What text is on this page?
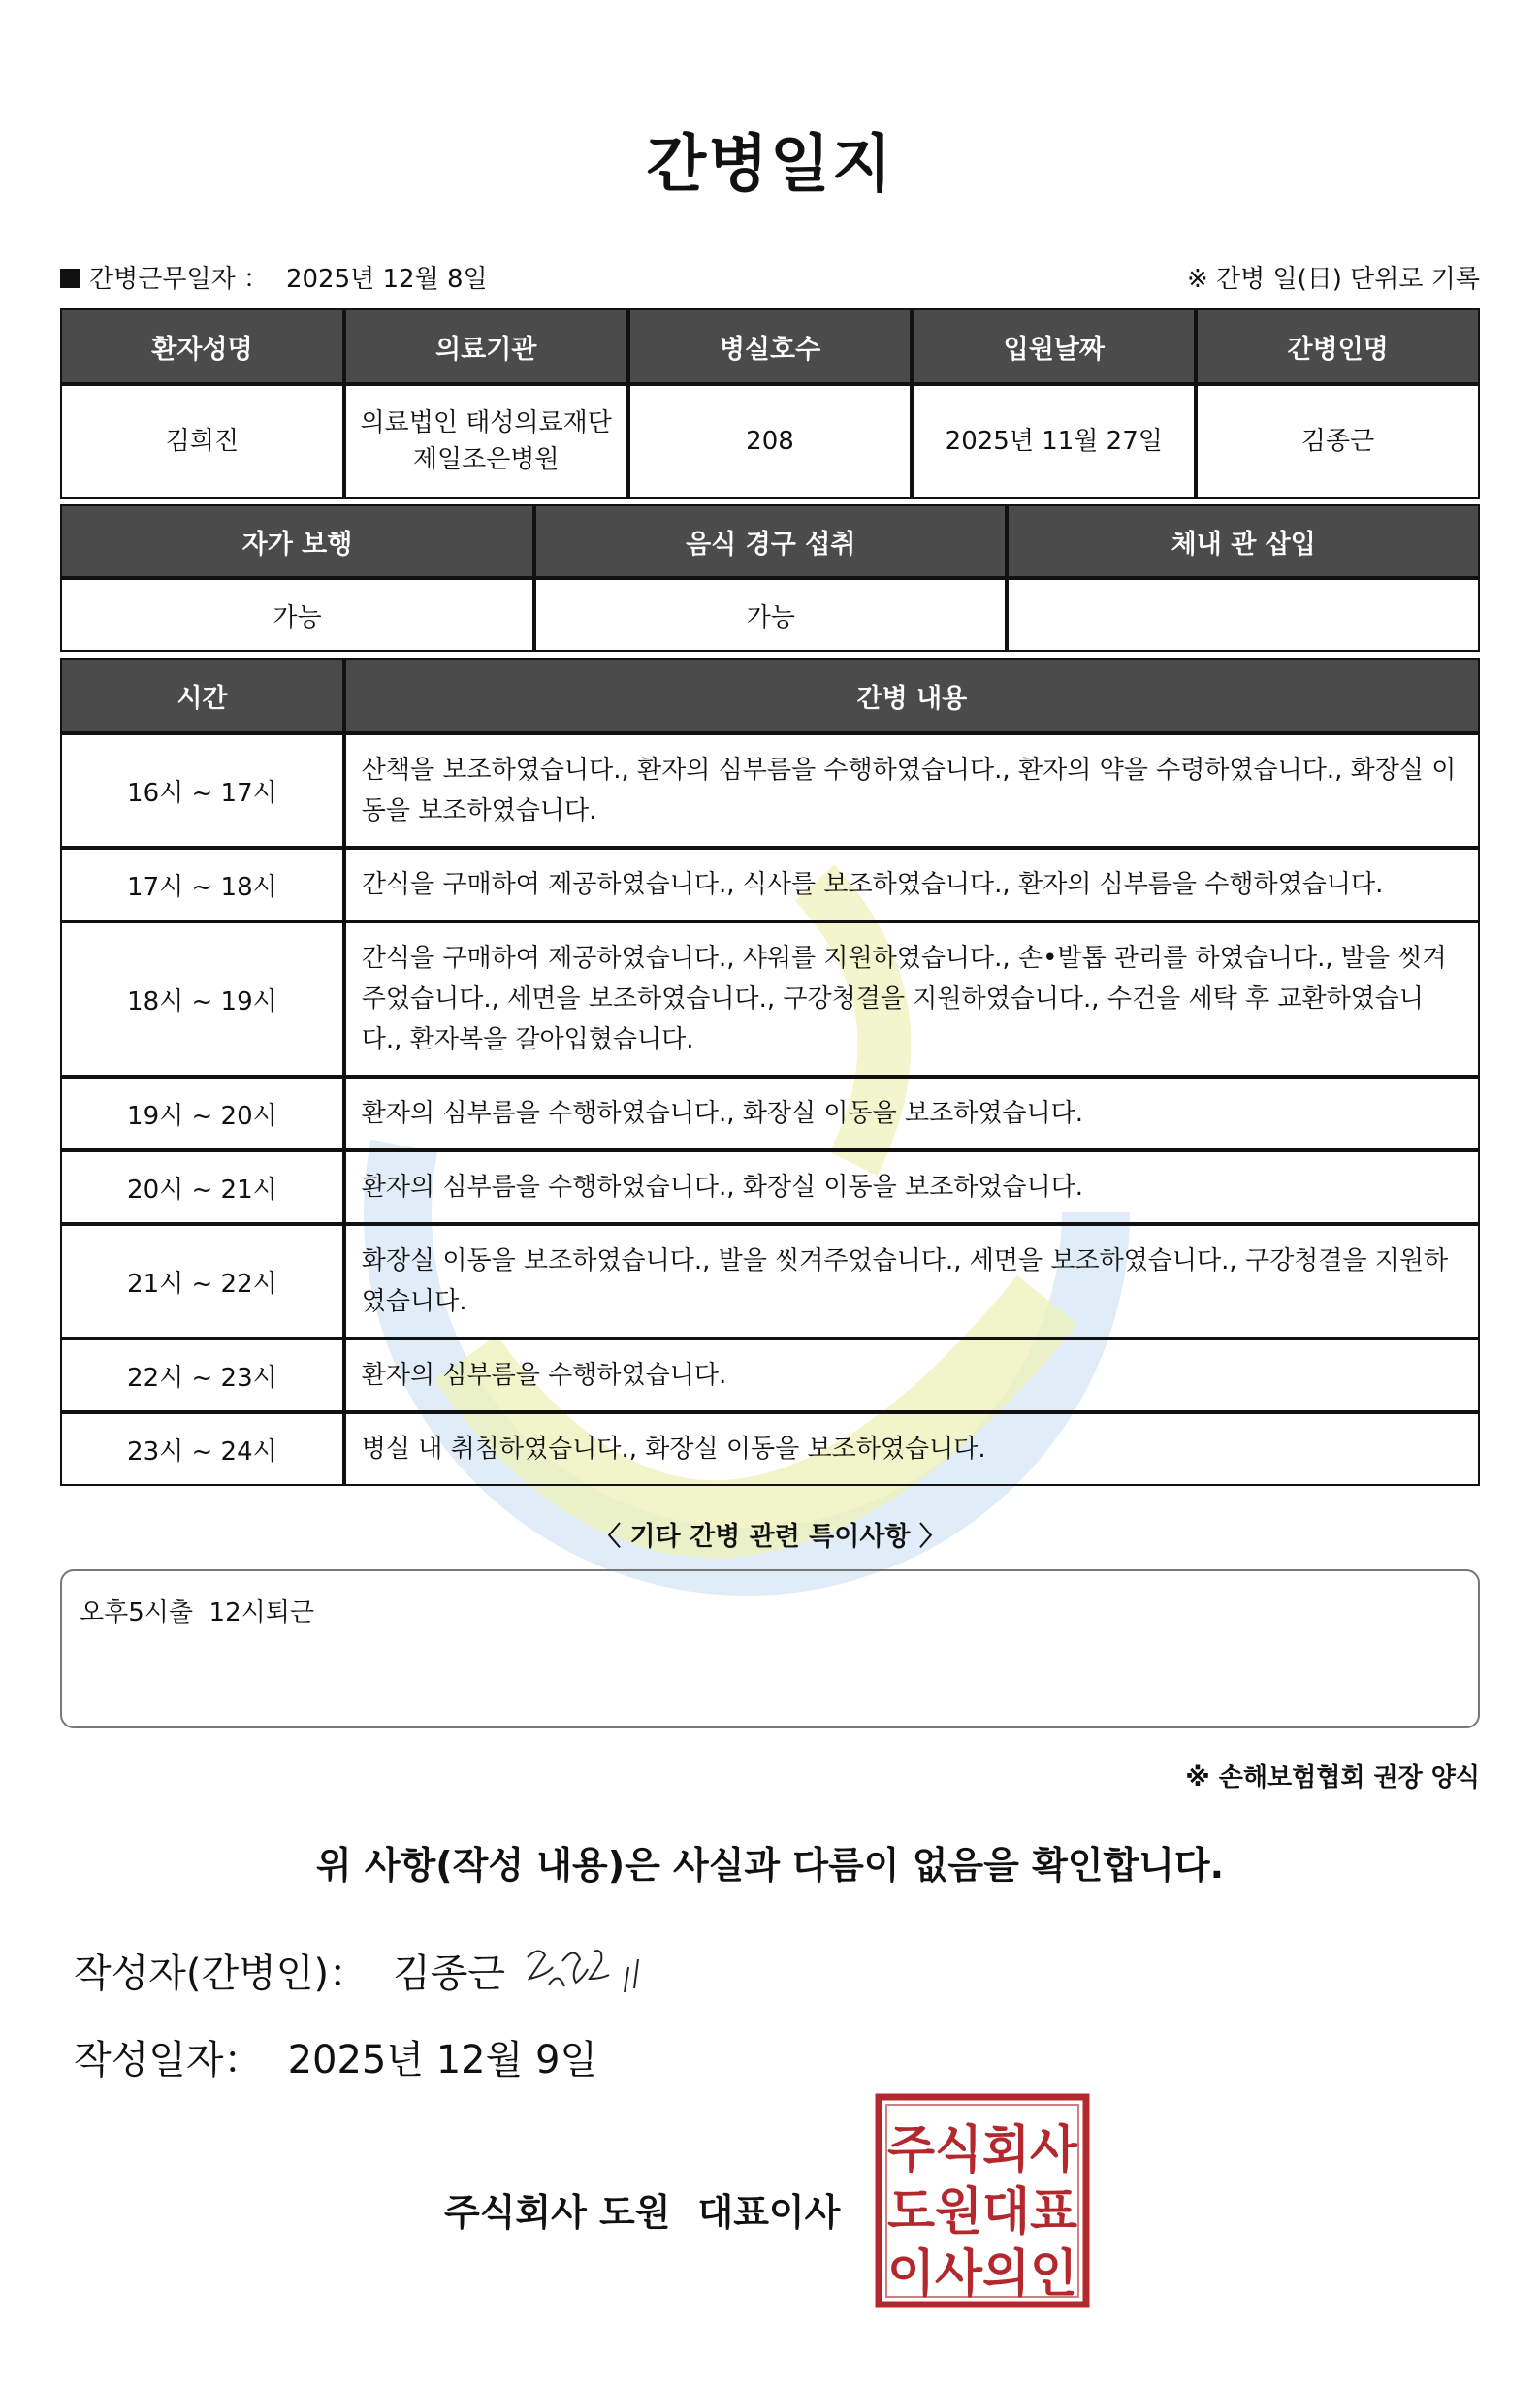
간병일지
간병근무일자 ： 2025년 12월 8일	※ 간병 일(日) 단위로 기록
환자성명	의료기관	병실호수	입원날짜	간병인명
김희진	의료법인 태성의료재단 제일조은병원	208	2025년 11월 27일	김종근
자가 보행	음식 경구 섭취	체내 관 삽입
가능	가능	
시간	간병 내용
16시 ~ 17시	산책을 보조하였습니다., 환자의 심부름을 수행하였습니다., 환자의 약을 수령하였습니다., 화장실 이동을 보조하였습니다.
17시 ~ 18시	간식을 구매하여 제공하였습니다., 식사를 보조하였습니다., 환자의 심부름을 수행하였습니다.
18시 ~ 19시	간식을 구매하여 제공하였습니다., 샤워를 지원하였습니다., 손•발톱 관리를 하였습니다., 발을 씻겨주었습니다., 세면을 보조하였습니다., 구강청결을 지원하였습니다., 수건을 세탁 후 교환하였습니다., 환자복을 갈아입혔습니다.
19시 ~ 20시	환자의 심부름을 수행하였습니다., 화장실 이동을 보조하였습니다.
20시 ~ 21시	환자의 심부름을 수행하였습니다., 화장실 이동을 보조하였습니다.
21시 ~ 22시	화장실 이동을 보조하였습니다., 발을 씻겨주었습니다., 세면을 보조하였습니다., 구강청결을 지원하였습니다.
22시 ~ 23시	환자의 심부름을 수행하였습니다.
23시 ~ 24시	병실 내 취침하였습니다., 화장실 이동을 보조하였습니다.
〈 기타 간병 관련 특이사항 〉
오후5시출  12시퇴근
※ 손해보험협회 권장 양식
위 사항(작성 내용)은 사실과 다름이 없음을 확인합니다.
작성자(간병인)： 김종근
작성일자： 2025년 12월 9일
주식회사 도원 대표이사
주식회사
도원대표
이사의인
